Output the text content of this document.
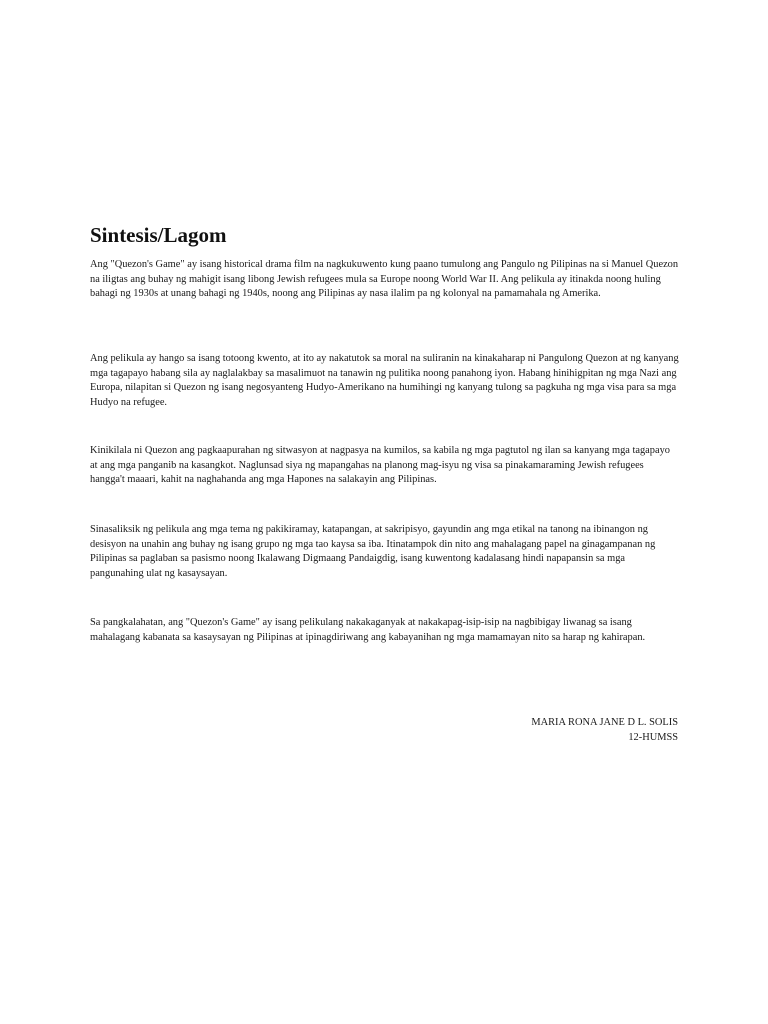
Sintesis/Lagom

Ang "Quezon's Game" ay isang historical drama film na nagkukuwento kung paano tumulong ang Pangulo ng Pilipinas na si Manuel Quezon na iligtas ang buhay ng mahigit isang libong Jewish refugees mula sa Europe noong World War II. Ang pelikula ay itinakda noong huling bahagi ng 1930s at unang bahagi ng 1940s, noong ang Pilipinas ay nasa ilalim pa ng kolonyal na pamamahala ng Amerika.

Ang pelikula ay hango sa isang totoong kwento, at ito ay nakatutok sa moral na suliranin na kinakaharap ni Pangulong Quezon at ng kanyang mga tagapayo habang sila ay naglalakbay sa masalimuot na tanawin ng pulitika noong panahong iyon. Habang hinihigpitan ng mga Nazi ang Europa, nilapitan si Quezon ng isang negosyanteng Hudyo-Amerikano na humihingi ng kanyang tulong sa pagkuha ng mga visa para sa mga Hudyo na refugee.

Kinikilala ni Quezon ang pagkaapurahan ng sitwasyon at nagpasya na kumilos, sa kabila ng mga pagtutol ng ilan sa kanyang mga tagapayo at ang mga panganib na kasangkot. Naglunsad siya ng mapangahas na planong mag-isyu ng visa sa pinakamaraming Jewish refugees hangga't maaari, kahit na naghahanda ang mga Hapones na salakayin ang Pilipinas.

Sinasaliksik ng pelikula ang mga tema ng pakikiramay, katapangan, at sakripisyo, gayundin ang mga etikal na tanong na ibinangon ng desisyon na unahin ang buhay ng isang grupo ng mga tao kaysa sa iba. Itinatampok din nito ang mahalagang papel na ginagampanan ng Pilipinas sa paglaban sa pasismo noong Ikalawang Digmaang Pandaigdig, isang kuwentong kadalasang hindi napapansin sa mga pangunahing ulat ng kasaysayan.

Sa pangkalahatan, ang "Quezon's Game" ay isang pelikulang nakakaganyak at nakakapag-isip-isip na nagbibigay liwanag sa isang mahalagang kabanata sa kasaysayan ng Pilipinas at ipinagdiriwang ang kabayanihan ng mga mamamayan nito sa harap ng kahirapan.

MARIA RONA JANE D L. SOLIS
12-HUMSS
